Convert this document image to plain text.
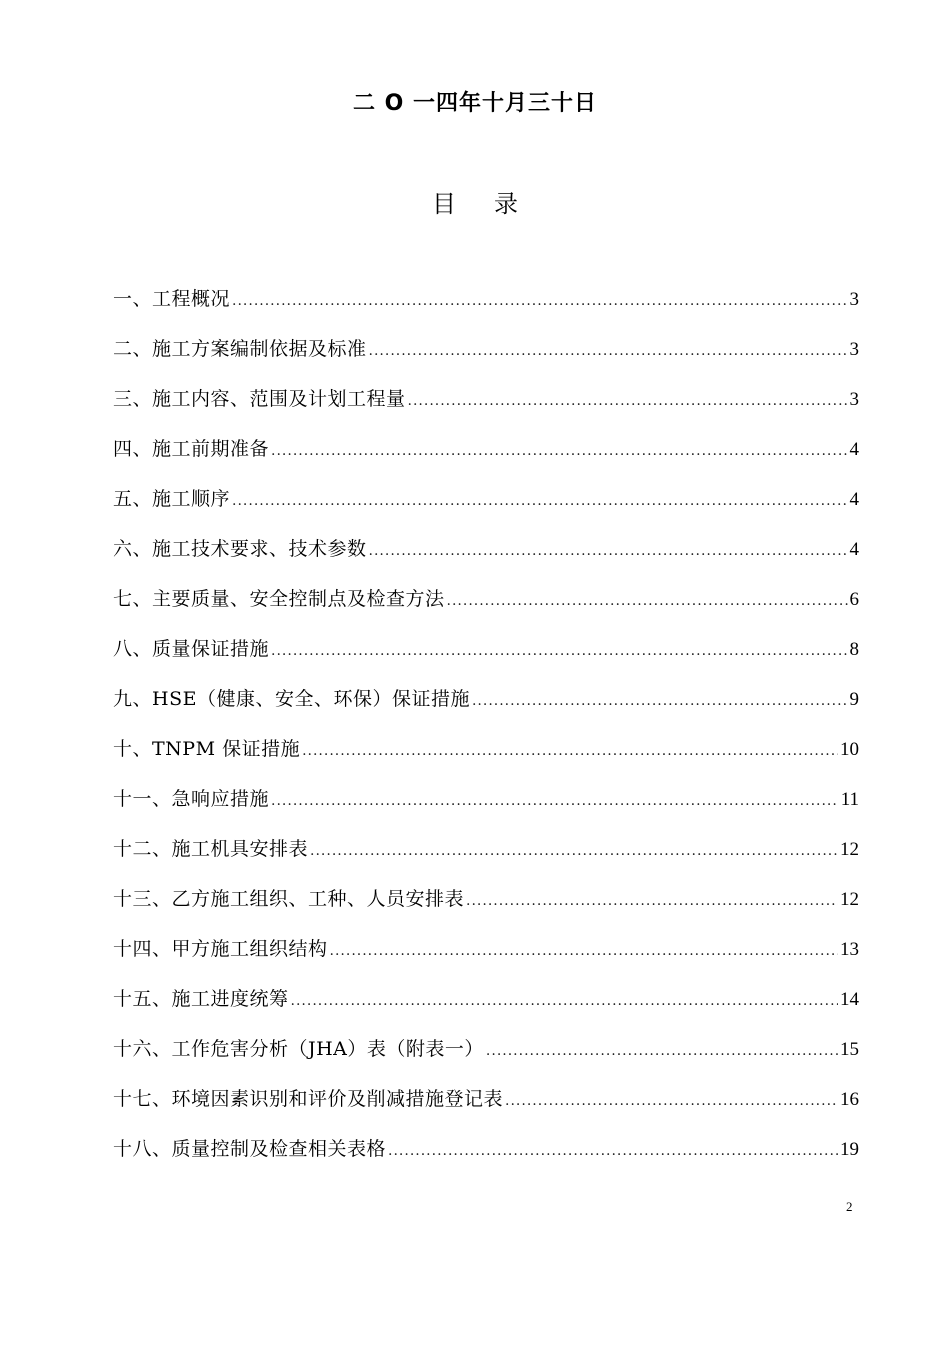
二 O 一四年十月三十日
目录
一、工程概况 .....	3
二、施工方案编制依据及标准 .....	3
三、施工内容、范围及计划工程量 .....	3
四、施工前期准备 .....	4
五、施工顺序 .....	4
六、施工技术要求、技术参数 .....	4
七、主要质量、安全控制点及检查方法 .....	6
八、质量保证措施 .....	8
九、HSE（健康、安全、环保）保证措施 .....	9
十、TNPM 保证措施 .....	10
十一、急响应措施 .....	11
十二、施工机具安排表 .....	12
十三、乙方施工组织、工种、人员安排表 .....	12
十四、甲方施工组织结构 .....	13
十五、施工进度统筹 .....	14
十六、工作危害分析（JHA）表（附表一） .....	15
十七、环境因素识别和评价及削减措施登记表 .....	16
十八、质量控制及检查相关表格 .....	19
2
